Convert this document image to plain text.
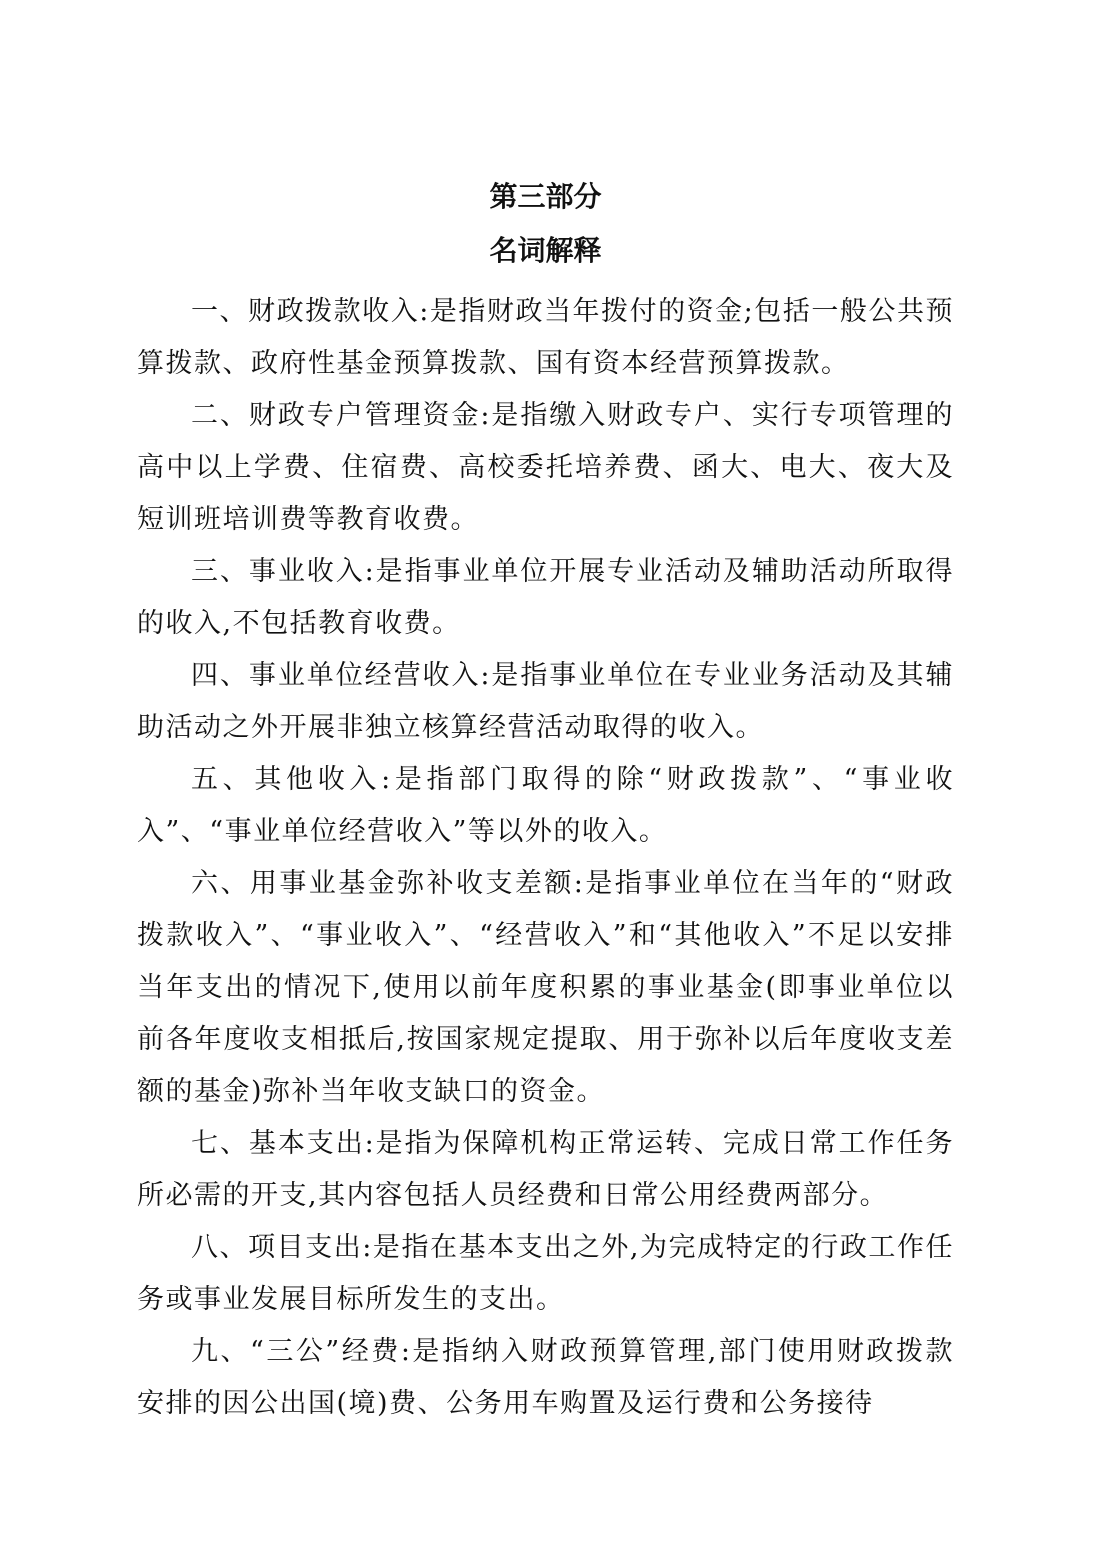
第三部分
名词解释

一、财政拨款收入:是指财政当年拨付的资金;包括一般公共预算拨款、政府性基金预算拨款、国有资本经营预算拨款。

二、财政专户管理资金:是指缴入财政专户、实行专项管理的高中以上学费、住宿费、高校委托培养费、函大、电大、夜大及短训班培训费等教育收费。

三、事业收入:是指事业单位开展专业活动及辅助活动所取得的收入,不包括教育收费。

四、事业单位经营收入:是指事业单位在专业业务活动及其辅助活动之外开展非独立核算经营活动取得的收入。

五、其他收入:是指部门取得的除“财政拨款”、“事业收入”、“事业单位经营收入”等以外的收入。

六、用事业基金弥补收支差额:是指事业单位在当年的“财政拨款收入”、“事业收入”、“经营收入”和“其他收入”不足以安排当年支出的情况下,使用以前年度积累的事业基金(即事业单位以前各年度收支相抵后,按国家规定提取、用于弥补以后年度收支差额的基金)弥补当年收支缺口的资金。

七、基本支出:是指为保障机构正常运转、完成日常工作任务所必需的开支,其内容包括人员经费和日常公用经费两部分。

八、项目支出:是指在基本支出之外,为完成特定的行政工作任务或事业发展目标所发生的支出。

九、“三公”经费:是指纳入财政预算管理,部门使用财政拨款安排的因公出国(境)费、公务用车购置及运行费和公务接待
